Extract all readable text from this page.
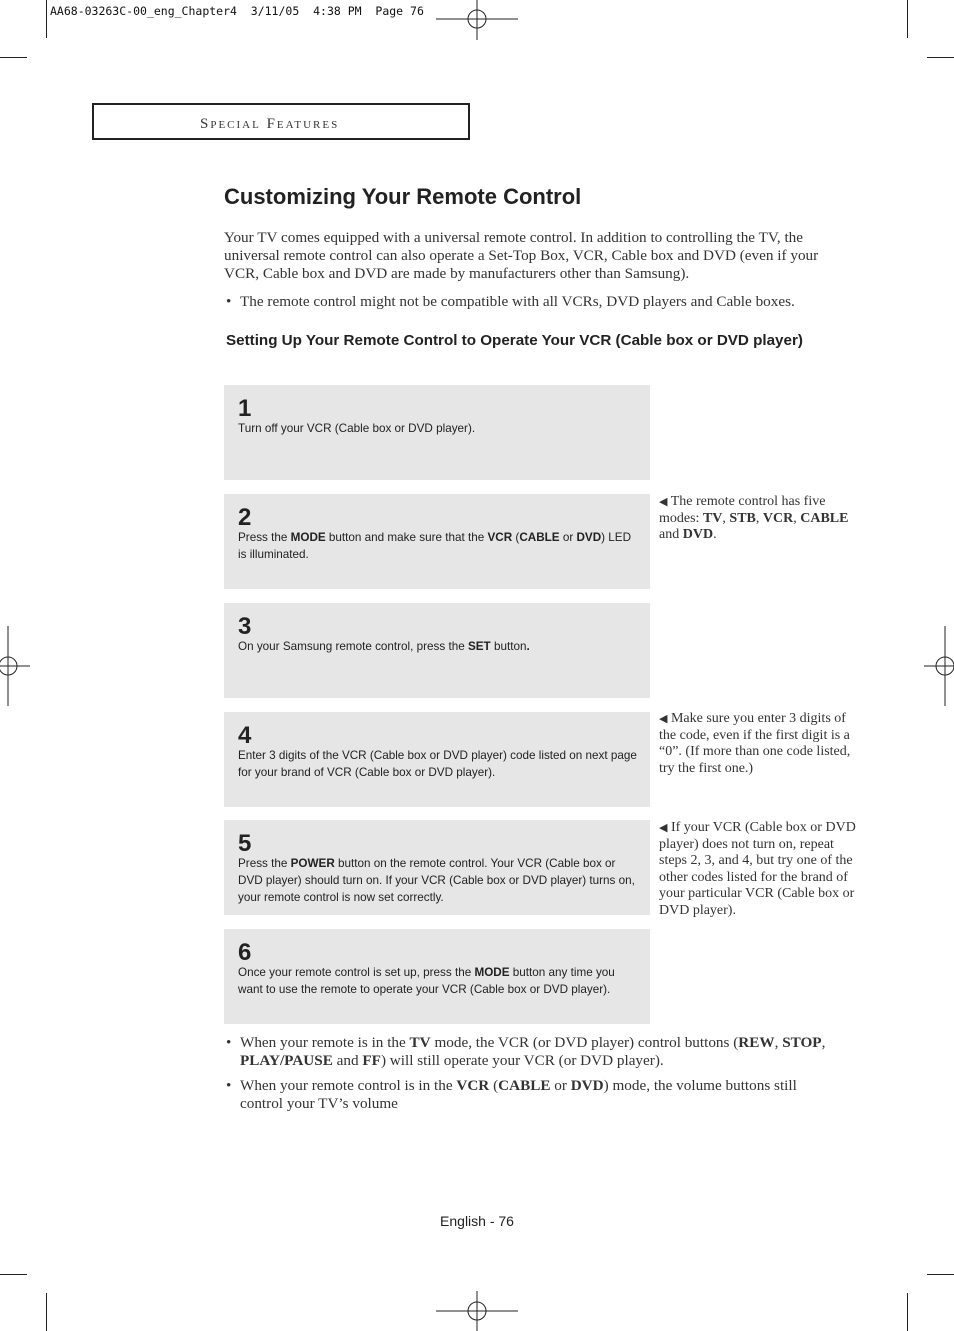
AA68-03263C-00_eng_Chapter4  3/11/05  4:38 PM  Page 76
Special Features
Customizing Your Remote Control
Your TV comes equipped with a universal remote control. In addition to controlling the TV, the universal remote control can also operate a Set-Top Box, VCR, Cable box and DVD (even if your VCR, Cable box and DVD are made by manufacturers other than Samsung).
• The remote control might not be compatible with all VCRs, DVD players and Cable boxes.
Setting Up Your Remote Control to Operate Your VCR (Cable box or DVD player)
1
Turn off your VCR (Cable box or DVD player).
2
Press the MODE button and make sure that the VCR (CABLE or DVD) LED is illuminated.
3
On your Samsung remote control, press the SET button.
4
Enter 3 digits of the VCR (Cable box or DVD player) code listed on next page for your brand of VCR (Cable box or DVD player).
5
Press the POWER button on the remote control. Your VCR (Cable box or DVD player) should turn on. If your VCR (Cable box or DVD player) turns on, your remote control is now set correctly.
6
Once your remote control is set up, press the MODE button any time you want to use the remote to operate your VCR (Cable box or DVD player).
◀ The remote control has five modes: TV, STB, VCR, CABLE and DVD.
◀ Make sure you enter 3 digits of the code, even if the first digit is a “0”. (If more than one code listed, try the first one.)
◀ If your VCR (Cable box or DVD player) does not turn on, repeat steps 2, 3, and 4, but try one of the other codes listed for the brand of your particular VCR (Cable box or DVD player).
• When your remote is in the TV mode, the VCR (or DVD player) control buttons (REW, STOP,
PLAY/PAUSE and FF) will still operate your VCR (or DVD player).
• When your remote control is in the VCR (CABLE or DVD) mode, the volume buttons still
control your TV’s volume
English - 76
